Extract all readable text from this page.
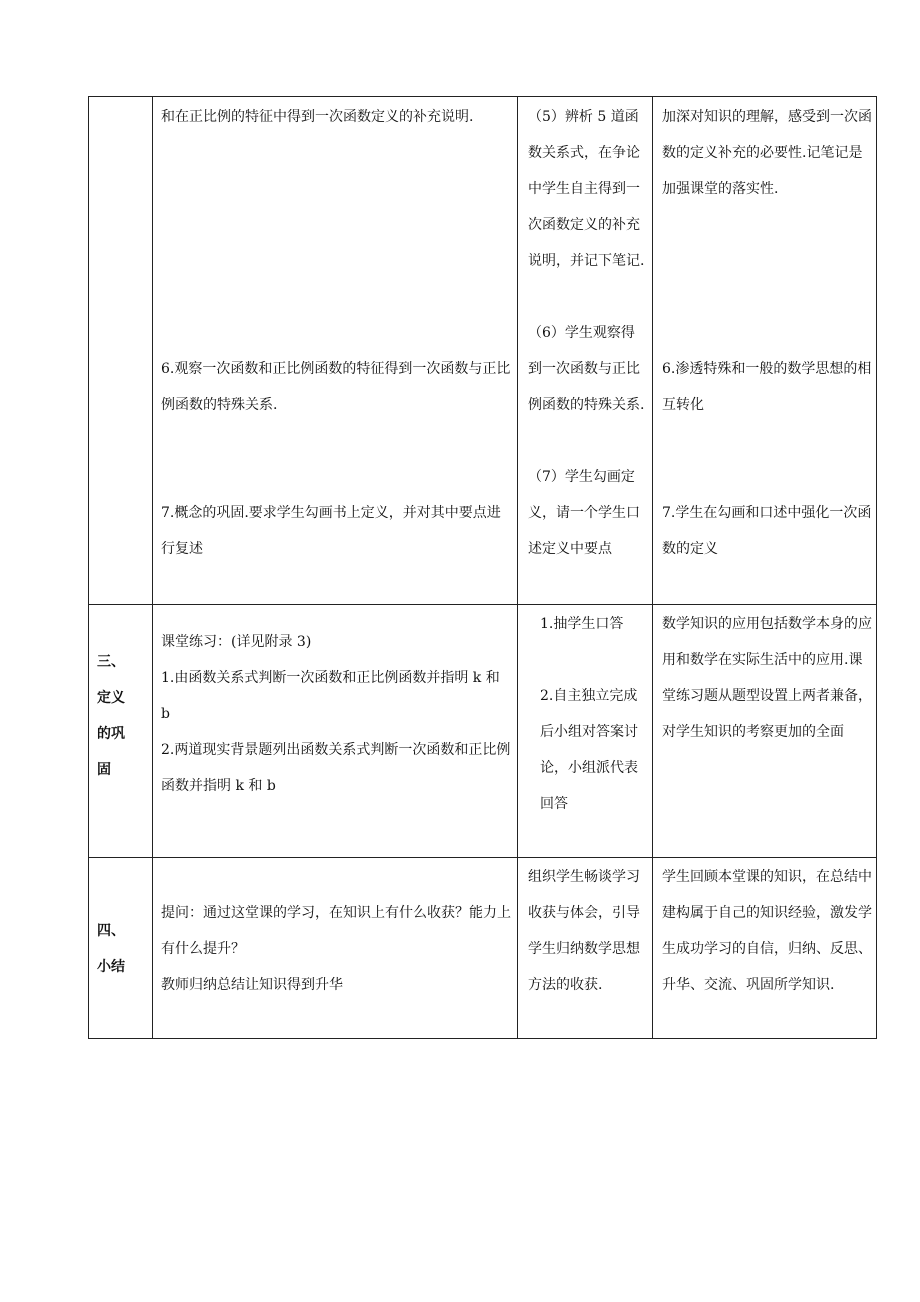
和在正比例的特征中得到一次函数定义的补充说明.

6.观察一次函数和正比例函数的特征得到一次函数与正比例函数的特殊关系.

7.概念的巩固.要求学生勾画书上定义，并对其中要点进行复述

（5）辨析 5 道函数关系式，在争论中学生自主得到一次函数定义的补充说明，并记下笔记.

（6）学生观察得到一次函数与正比例函数的特殊关系.

（7）学生勾画定义，请一个学生口述定义中要点

加深对知识的理解，感受到一次函数的定义补充的必要性.记笔记是加强课堂的落实性.

6.渗透特殊和一般的数学思想的相互转化

7.学生在勾画和口述中强化一次函数的定义

三、

定义

的巩

固

课堂练习：(详见附录 3)

1.由函数关系式判断一次函数和正比例函数并指明 k 和 b

2.两道现实背景题列出函数关系式判断一次函数和正比例函数并指明 k 和 b

1.抽学生口答

2.自主独立完成后小组对答案讨论，小组派代表回答

数学知识的应用包括数学本身的应用和数学在实际生活中的应用.课堂练习题从题型设置上两者兼备，对学生知识的考察更加的全面

四、

小结

提问：通过这堂课的学习，在知识上有什么收获？能力上有什么提升？

教师归纳总结让知识得到升华

组织学生畅谈学习收获与体会，引导学生归纳数学思想方法的收获.

学生回顾本堂课的知识，在总结中建构属于自己的知识经验，激发学生成功学习的自信，归纳、反思、升华、交流、巩固所学知识.
